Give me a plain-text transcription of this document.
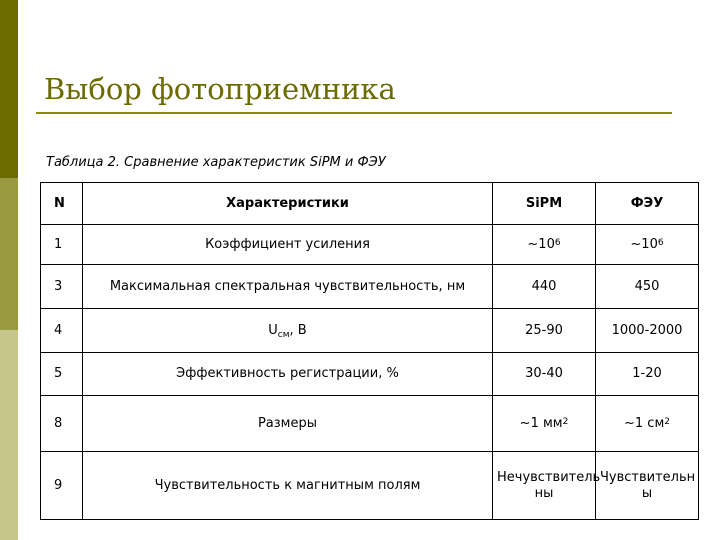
Выбор фотоприемника
Таблица 2. Сравнение характеристик SiPM и ФЭУ
N	Характеристики	SiPM	ФЭУ
1	Коэффициент усиления	$\sim 10^6$	$\sim 10^6$
3	Максимальная спектральная чувствительность, нм	440	450
4	$U_{см}$, В	25-90	1000-2000
5	Эффективность регистрации, %	30-40	1-20
8	Размеры	~1 $мм^2$	~1 $см^2$
9	Чувствительность к магнитным полям	Нечувствитель ны	Чувствительн ы
